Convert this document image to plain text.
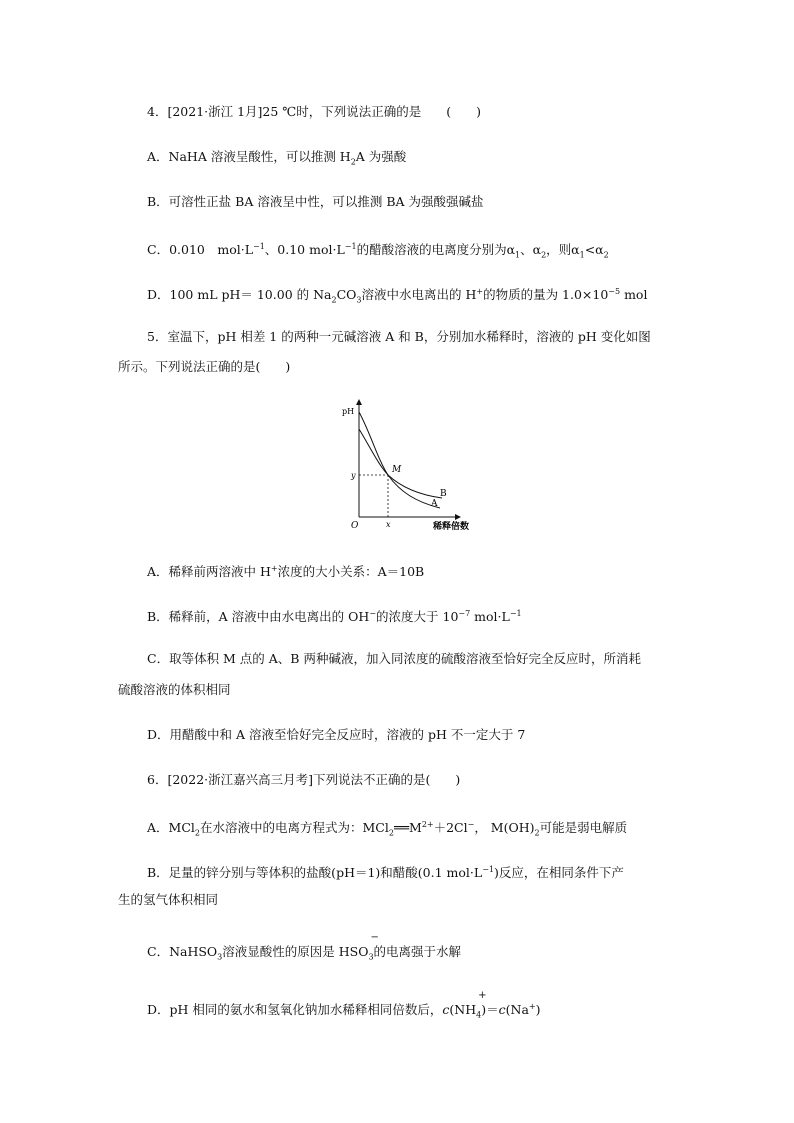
4．[2021·浙江 1月]25 ℃时，下列说法正确的是　　(　　)
A．NaHA 溶液呈酸性，可以推测 $H_2A$ 为强酸
B．可溶性正盐 BA 溶液呈中性，可以推测 BA 为强酸强碱盐
C．0.010　$mol\cdot L^{-1}$、0.10 $mol\cdot L^{-1}$的醋酸溶液的电离度分别为$\alpha_1$、$\alpha_2$，则$\alpha_1<\alpha_2$
D．100 mL pH＝ 10.00 的 $Na_2CO_3$溶液中水电离出的 H+的物质的量为 $1.0\times 10^{-5}$ mol
5．室温下，pH 相差 1 的两种一元碱溶液 A 和 B，分别加水稀释时，溶液的 pH 变化如图
所示。下列说法正确的是(　　)
pH
稀释倍数
O	x
y
M
A
B
A．稀释前两溶液中 H+浓度的大小关系：A＝10B
B．稀释前，A 溶液中由水电离出的 OH−的浓度大于 $10^{-7}$ $mol\cdot L^{-1}$
C．取等体积 M 点的 A、B 两种碱液，加入同浓度的硫酸溶液至恰好完全反应时，所消耗
硫酸溶液的体积相同
D．用醋酸中和 A 溶液至恰好完全反应时，溶液的 pH 不一定大于 7
6．[2022·浙江嘉兴高三月考]下列说法不正确的是(　　)
A．MCl$_2$在水溶液中的电离方程式为：$MCl_2══M^{2+}+2Cl^-$， $M(OH)_2$可能是弱电解质
B．足量的锌分别与等体积的盐酸(pH＝1)和醋酸(0.1 $mol\cdot L^{-1}$)反应，在相同条件下产
生的氢气体积相同
C．NaHSO$_3$溶液显酸性的原因是 HSO
−
$_3$的电离强于水解
D．pH 相同的氨水和氢氧化钠加水稀释相同倍数后，c(NH
+
$_4$)＝c(Na+)
